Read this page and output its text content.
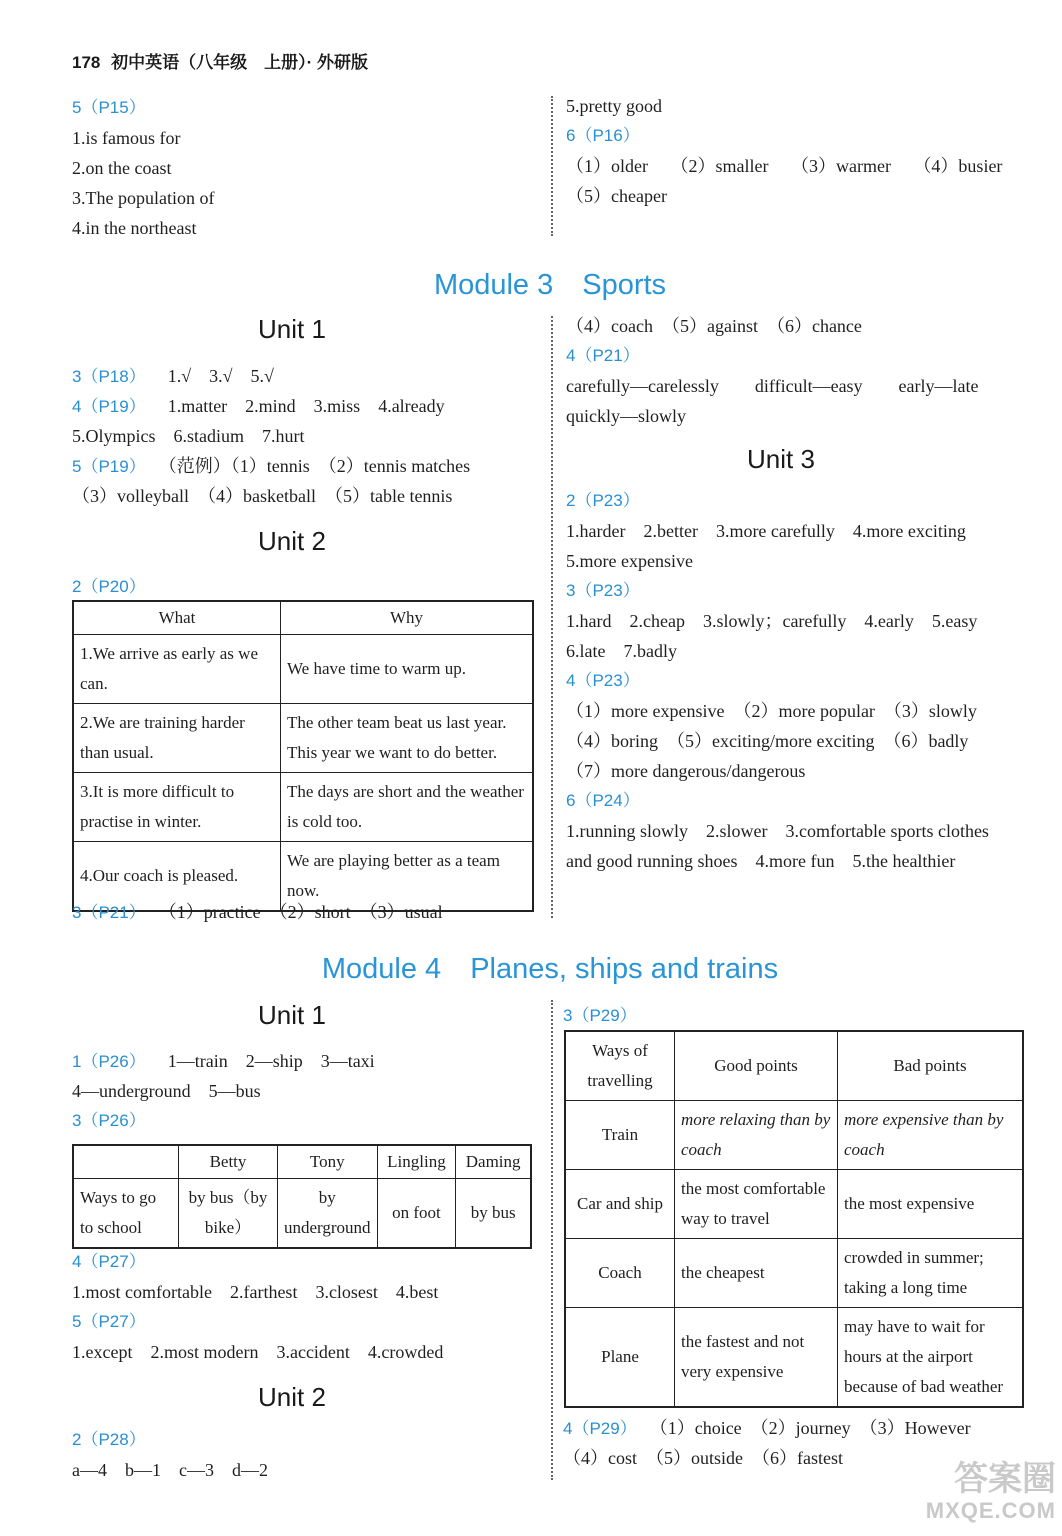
178 初中英语（八年级　上册）· 外研版
5（P15）
1.is famous for
2.on the coast
3.The population of
4.in the northeast
5.pretty good
6（P16）
（1）older （2）smaller （3）warmer （4）busier
（5）cheaper
Module 3　Sports
Unit 1
3（P18） 1.√　3.√　5.√
4（P19） 1.matter　2.mind　3.miss　4.already
5.Olympics　6.stadium　7.hurt
5（P19） （范例）（1）tennis　（2）tennis matches
（3）volleyball　（4）basketball　（5）table tennis
Unit 2
2（P20）
What	Why
1.We arrive as early as we can.	We have time to warm up.
2.We are training harder than usual.	The other team beat us last year. This year we want to do better.
3.It is more difficult to practise in winter.	The days are short and the weather is cold too.
4.Our coach is pleased.	We are playing better as a team now.
3（P21） （1）practice　（2）short　（3）usual
（4）coach　（5）against　（6）chance
4（P21）
carefully—carelessly　　difficult—easy　　early—late
quickly—slowly
Unit 3
2（P23）
1.harder　2.better　3.more carefully　4.more exciting
5.more expensive
3（P23）
1.hard　2.cheap　3.slowly；carefully　4.early　5.easy
6.late　7.badly
4（P23）
（1）more expensive　（2）more popular　（3）slowly
（4）boring　（5）exciting/more exciting　（6）badly
（7）more dangerous/dangerous
6（P24）
1.running slowly　2.slower　3.comfortable sports clothes
and good running shoes　4.more fun　5.the healthier
Module 4　Planes, ships and trains
Unit 1
1（P26） 1—train　2—ship　3—taxi
4—underground　5—bus
3（P26）
	Betty	Tony	Lingling	Daming
Ways to go to school	by bus（by bike）	by underground	on foot	by bus
4（P27）
1.most comfortable　2.farthest　3.closest　4.best
5（P27）
1.except　2.most modern　3.accident　4.crowded
Unit 2
2（P28）
a—4　b—1　c—3　d—2
3（P29）
Ways of travelling	Good points	Bad points
Train	more relaxing than by coach	more expensive than by coach
Car and ship	the most comfortable way to travel	the most expensive
Coach	the cheapest	crowded in summer; taking a long time
Plane	the fastest and not very expensive	may have to wait for hours at the airport because of bad weather
4（P29） （1）choice　（2）journey　（3）However
（4）cost　（5）outside　（6）fastest
答案圈
MXQE.COM
